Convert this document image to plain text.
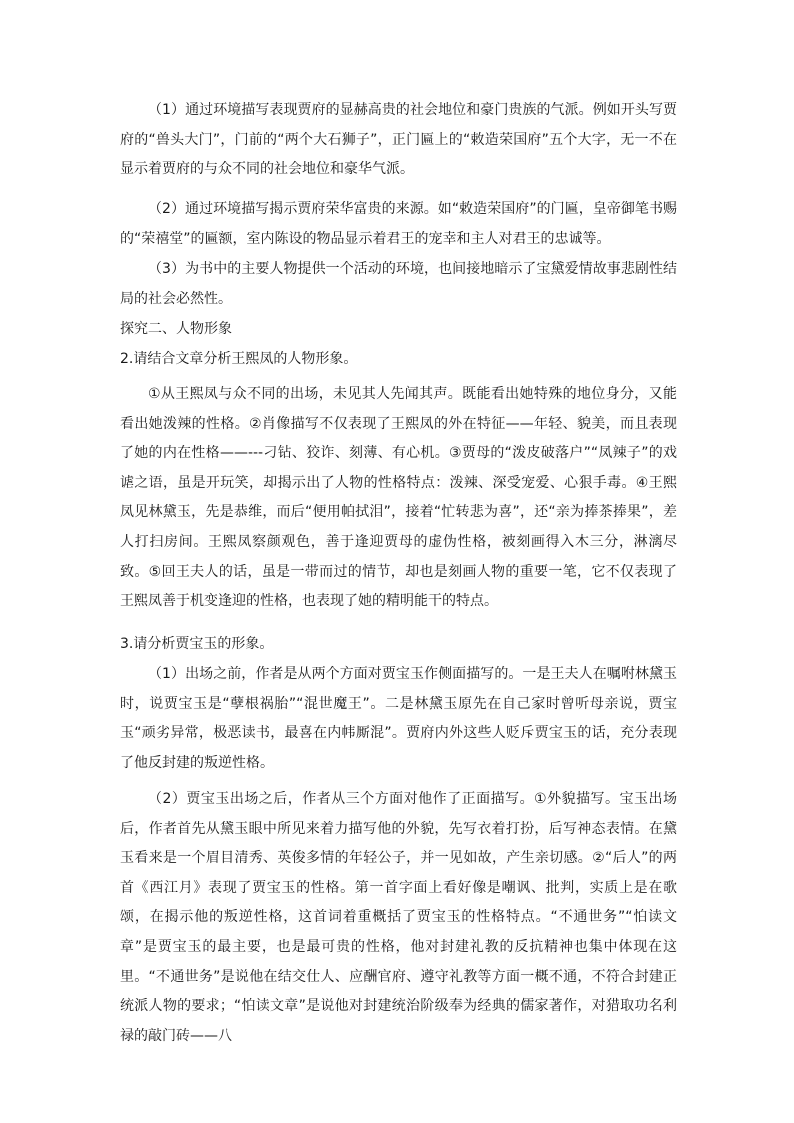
（1）通过环境描写表现贾府的显赫高贵的社会地位和豪门贵族的气派。例如开头写贾府的“兽头大门”，门前的“两个大石狮子”，正门匾上的“敕造荣国府”五个大字，无一不在显示着贾府的与众不同的社会地位和豪华气派。

（2）通过环境描写揭示贾府荣华富贵的来源。如“敕造荣国府”的门匾，皇帝御笔书赐的“荣禧堂”的匾额，室内陈设的物品显示着君王的宠幸和主人对君王的忠诚等。

（3）为书中的主要人物提供一个活动的环境，也间接地暗示了宝黛爱情故事悲剧性结局的社会必然性。

探究二、人物形象

2.请结合文章分析王熙凤的人物形象。

①从王熙凤与众不同的出场，未见其人先闻其声。既能看出她特殊的地位身分，又能看出她泼辣的性格。②肖像描写不仅表现了王熙凤的外在特征——年轻、貌美，而且表现了她的内在性格——---刁钻、狡诈、刻薄、有心机。③贾母的“泼皮破落户”“凤辣子”的戏谑之语，虽是开玩笑，却揭示出了人物的性格特点：泼辣、深受宠爱、心狠手毒。④王熙凤见林黛玉，先是恭维，而后“便用帕拭泪”，接着“忙转悲为喜”，还“亲为捧茶捧果”，差人打扫房间。王熙凤察颜观色，善于逢迎贾母的虚伪性格，被刻画得入木三分，淋漓尽致。⑤回王夫人的话，虽是一带而过的情节，却也是刻画人物的重要一笔，它不仅表现了王熙凤善于机变逢迎的性格，也表现了她的精明能干的特点。

3.请分析贾宝玉的形象。

（1）出场之前，作者是从两个方面对贾宝玉作侧面描写的。一是王夫人在嘱咐林黛玉时，说贾宝玉是“孽根祸胎”“混世魔王”。二是林黛玉原先在自己家时曾听母亲说，贾宝玉“顽劣异常，极恶读书，最喜在内帏厮混”。贾府内外这些人贬斥贾宝玉的话，充分表现了他反封建的叛逆性格。

（2）贾宝玉出场之后，作者从三个方面对他作了正面描写。①外貌描写。宝玉出场后，作者首先从黛玉眼中所见来着力描写他的外貌，先写衣着打扮，后写神态表情。在黛玉看来是一个眉目清秀、英俊多情的年轻公子，并一见如故，产生亲切感。②“后人”的两首《西江月》表现了贾宝玉的性格。第一首字面上看好像是嘲讽、批判，实质上是在歌颂，在揭示他的叛逆性格，这首词着重概括了贾宝玉的性格特点。“不通世务”“怕读文章”是贾宝玉的最主要，也是最可贵的性格，他对封建礼教的反抗精神也集中体现在这里。“不通世务”是说他在结交仕人、应酬官府、遵守礼教等方面一概不通，不符合封建正统派人物的要求；“怕读文章”是说他对封建统治阶级奉为经典的儒家著作，对猎取功名利禄的敲门砖——八
